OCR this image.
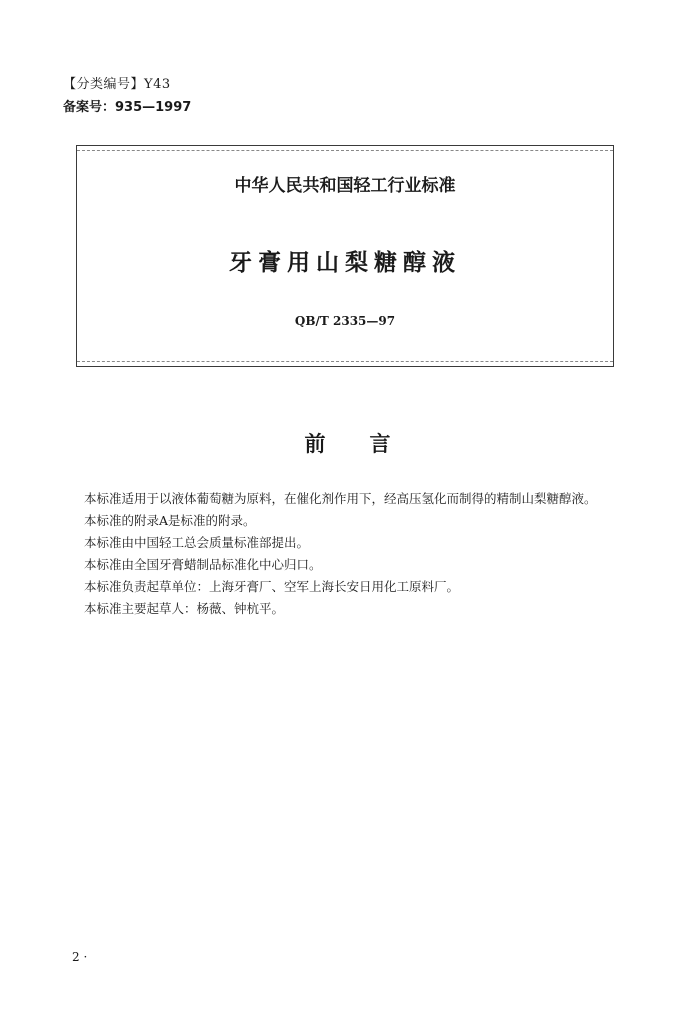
【分类编号】Y43
备案号：935—1997
中华人民共和国轻工行业标准
牙膏用山梨糖醇液
QB/T 2335—97
前言

本标准适用于以液体葡萄糖为原料，在催化剂作用下，经高压氢化而制得的精制山梨糖醇液。

本标准的附录A是标准的附录。

本标准由中国轻工总会质量标准部提出。

本标准由全国牙膏蜡制品标准化中心归口。

本标准负责起草单位：上海牙膏厂、空军上海长安日用化工原料厂。

本标准主要起草人：杨薇、钟杭平。

2 ·
